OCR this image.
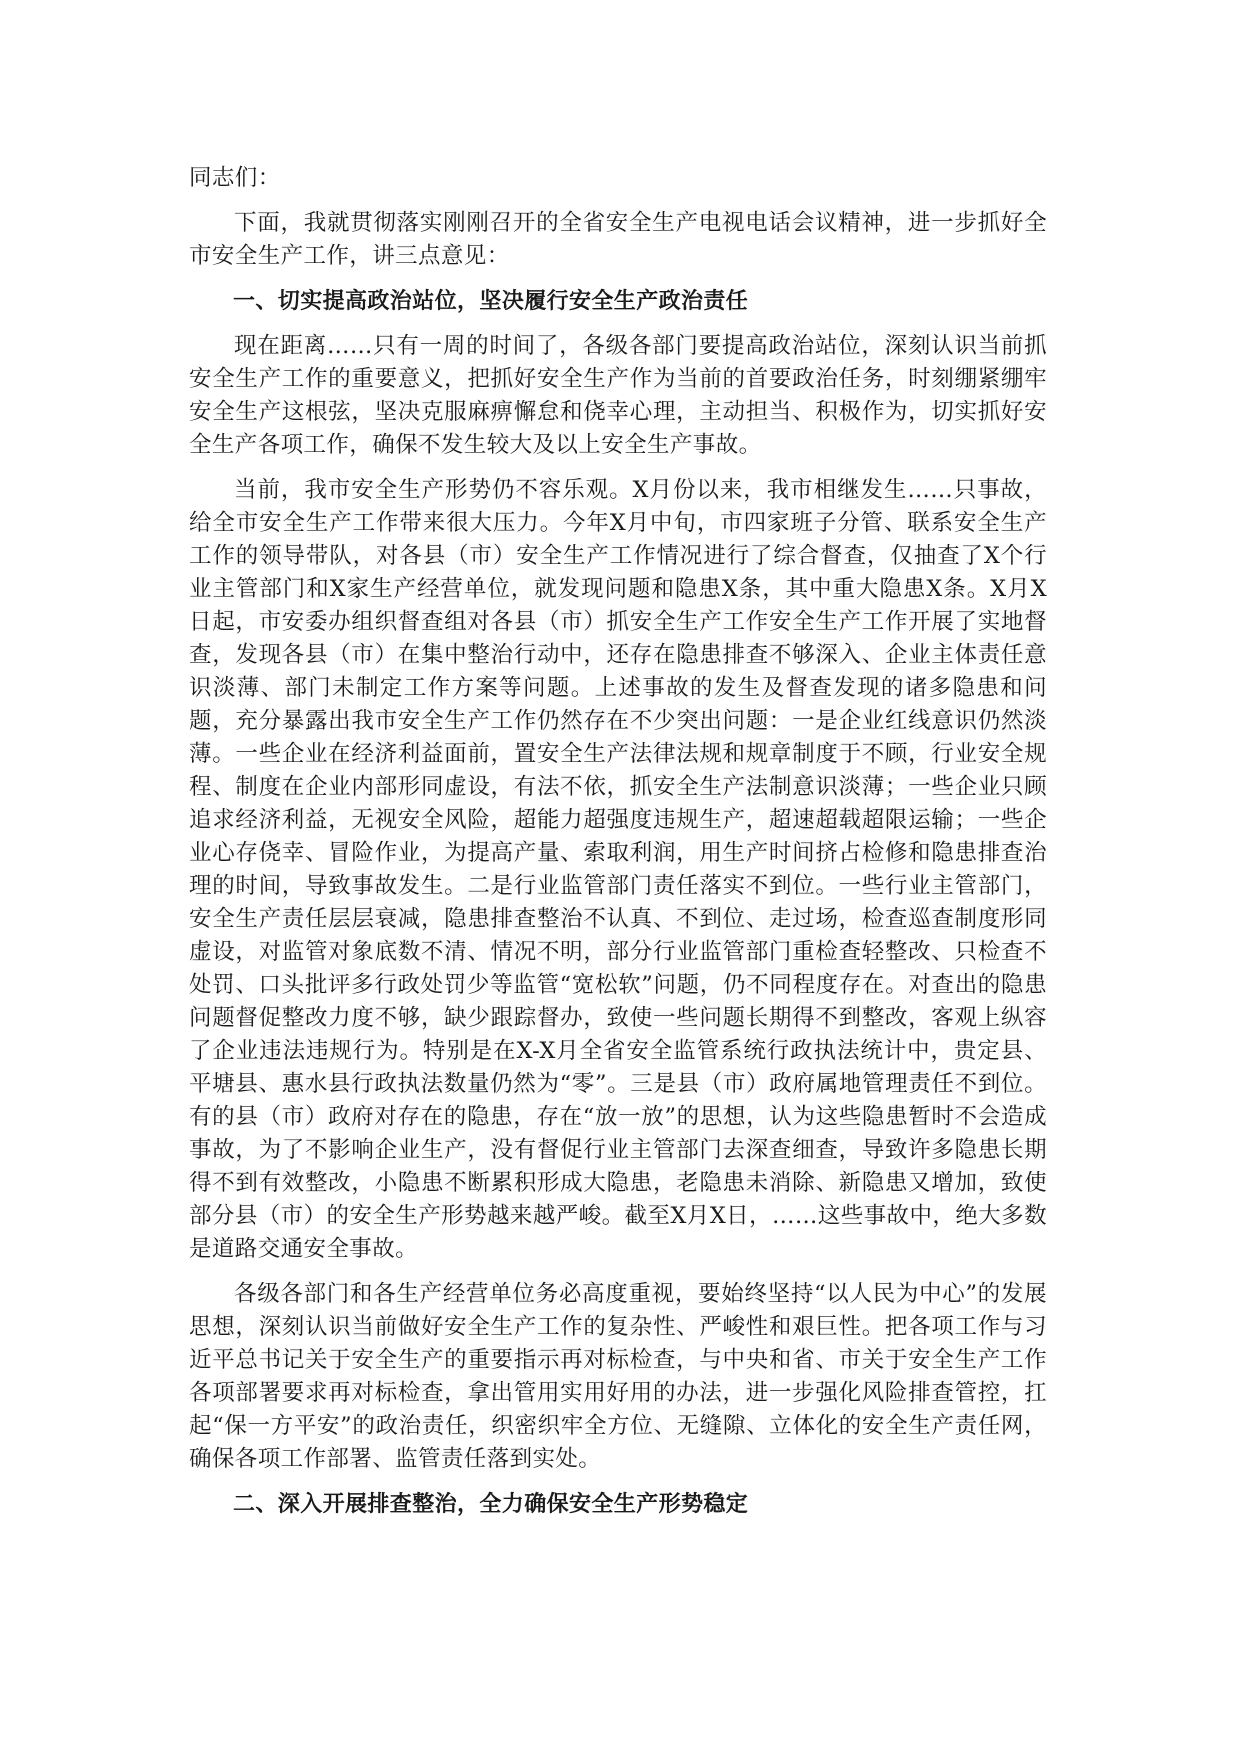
同志们：

下面，我就贯彻落实刚刚召开的全省安全生产电视电话会议精神，进一步抓好全市安全生产工作，讲三点意见：

一、切实提高政治站位，坚决履行安全生产政治责任

现在距离……只有一周的时间了，各级各部门要提高政治站位，深刻认识当前抓安全生产工作的重要意义，把抓好安全生产作为当前的首要政治任务，时刻绷紧绷牢安全生产这根弦，坚决克服麻痹懈怠和侥幸心理，主动担当、积极作为，切实抓好安全生产各项工作，确保不发生较大及以上安全生产事故。

当前，我市安全生产形势仍不容乐观。X月份以来，我市相继发生……只事故，给全市安全生产工作带来很大压力。今年X月中旬，市四家班子分管、联系安全生产工作的领导带队，对各县（市）安全生产工作情况进行了综合督查，仅抽查了X个行业主管部门和X家生产经营单位，就发现问题和隐患X条，其中重大隐患X条。X月X日起，市安委办组织督查组对各县（市）抓安全生产工作安全生产工作开展了实地督查，发现各县（市）在集中整治行动中，还存在隐患排查不够深入、企业主体责任意识淡薄、部门未制定工作方案等问题。上述事故的发生及督查发现的诸多隐患和问题，充分暴露出我市安全生产工作仍然存在不少突出问题：一是企业红线意识仍然淡薄。一些企业在经济利益面前，置安全生产法律法规和规章制度于不顾，行业安全规程、制度在企业内部形同虚设，有法不依，抓安全生产法制意识淡薄；一些企业只顾追求经济利益，无视安全风险，超能力超强度违规生产，超速超载超限运输；一些企业心存侥幸、冒险作业，为提高产量、索取利润，用生产时间挤占检修和隐患排查治理的时间，导致事故发生。二是行业监管部门责任落实不到位。一些行业主管部门，安全生产责任层层衰减，隐患排查整治不认真、不到位、走过场，检查巡查制度形同虚设，对监管对象底数不清、情况不明，部分行业监管部门重检查轻整改、只检查不处罚、口头批评多行政处罚少等监管“宽松软”问题，仍不同程度存在。对查出的隐患问题督促整改力度不够，缺少跟踪督办，致使一些问题长期得不到整改，客观上纵容了企业违法违规行为。特别是在X-X月全省安全监管系统行政执法统计中，贵定县、平塘县、惠水县行政执法数量仍然为“零”。三是县（市）政府属地管理责任不到位。有的县（市）政府对存在的隐患，存在“放一放”的思想，认为这些隐患暂时不会造成事故，为了不影响企业生产，没有督促行业主管部门去深查细查，导致许多隐患长期得不到有效整改，小隐患不断累积形成大隐患，老隐患未消除、新隐患又增加，致使部分县（市）的安全生产形势越来越严峻。截至X月X日，……这些事故中，绝大多数是道路交通安全事故。

各级各部门和各生产经营单位务必高度重视，要始终坚持“以人民为中心”的发展思想，深刻认识当前做好安全生产工作的复杂性、严峻性和艰巨性。把各项工作与习近平总书记关于安全生产的重要指示再对标检查，与中央和省、市关于安全生产工作各项部署要求再对标检查，拿出管用实用好用的办法，进一步强化风险排查管控，扛起“保一方平安”的政治责任，织密织牢全方位、无缝隙、立体化的安全生产责任网，确保各项工作部署、监管责任落到实处。

二、深入开展排查整治，全力确保安全生产形势稳定
